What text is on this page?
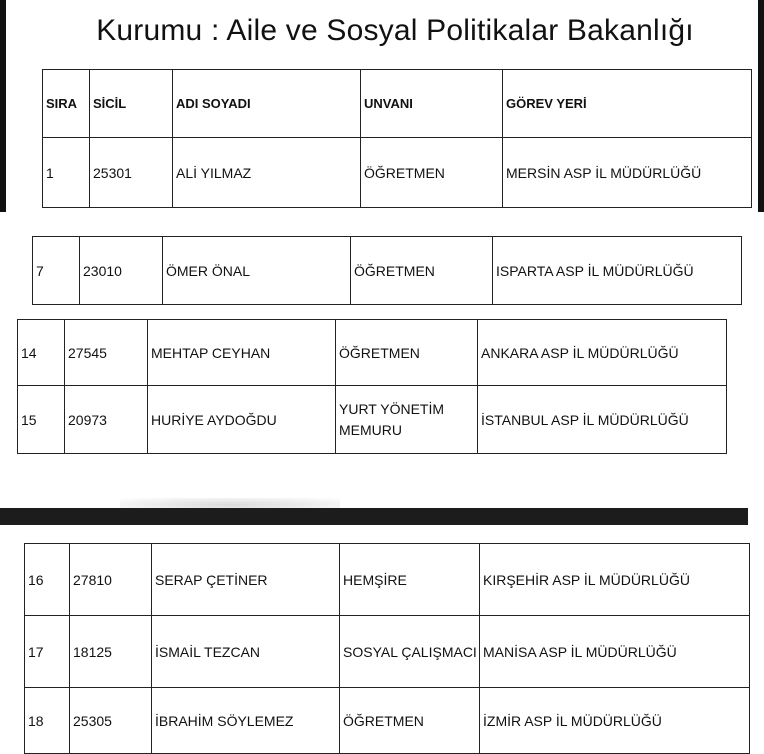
Kurumu : Aile ve Sosyal Politikalar Bakanlığı
SIRA	SİCİL	ADI SOYADI	UNVANI	GÖREV YERİ
1	25301	ALİ YILMAZ	ÖĞRETMEN	MERSİN ASP İL MÜDÜRLÜĞÜ
7	23010	ÖMER ÖNAL	ÖĞRETMEN	ISPARTA ASP İL MÜDÜRLÜĞÜ
14	27545	MEHTAP CEYHAN	ÖĞRETMEN	ANKARA ASP İL MÜDÜRLÜĞÜ
15	20973	HURİYE AYDOĞDU	YURT YÖNETİM MEMURU	İSTANBUL ASP İL MÜDÜRLÜĞÜ
16	27810	SERAP ÇETİNER	HEMŞİRE	KIRŞEHİR ASP İL MÜDÜRLÜĞÜ
17	18125	İSMAİL TEZCAN	SOSYAL ÇALIŞMACI	MANİSA ASP İL MÜDÜRLÜĞÜ
18	25305	İBRAHİM SÖYLEMEZ	ÖĞRETMEN	İZMİR ASP İL MÜDÜRLÜĞÜ
